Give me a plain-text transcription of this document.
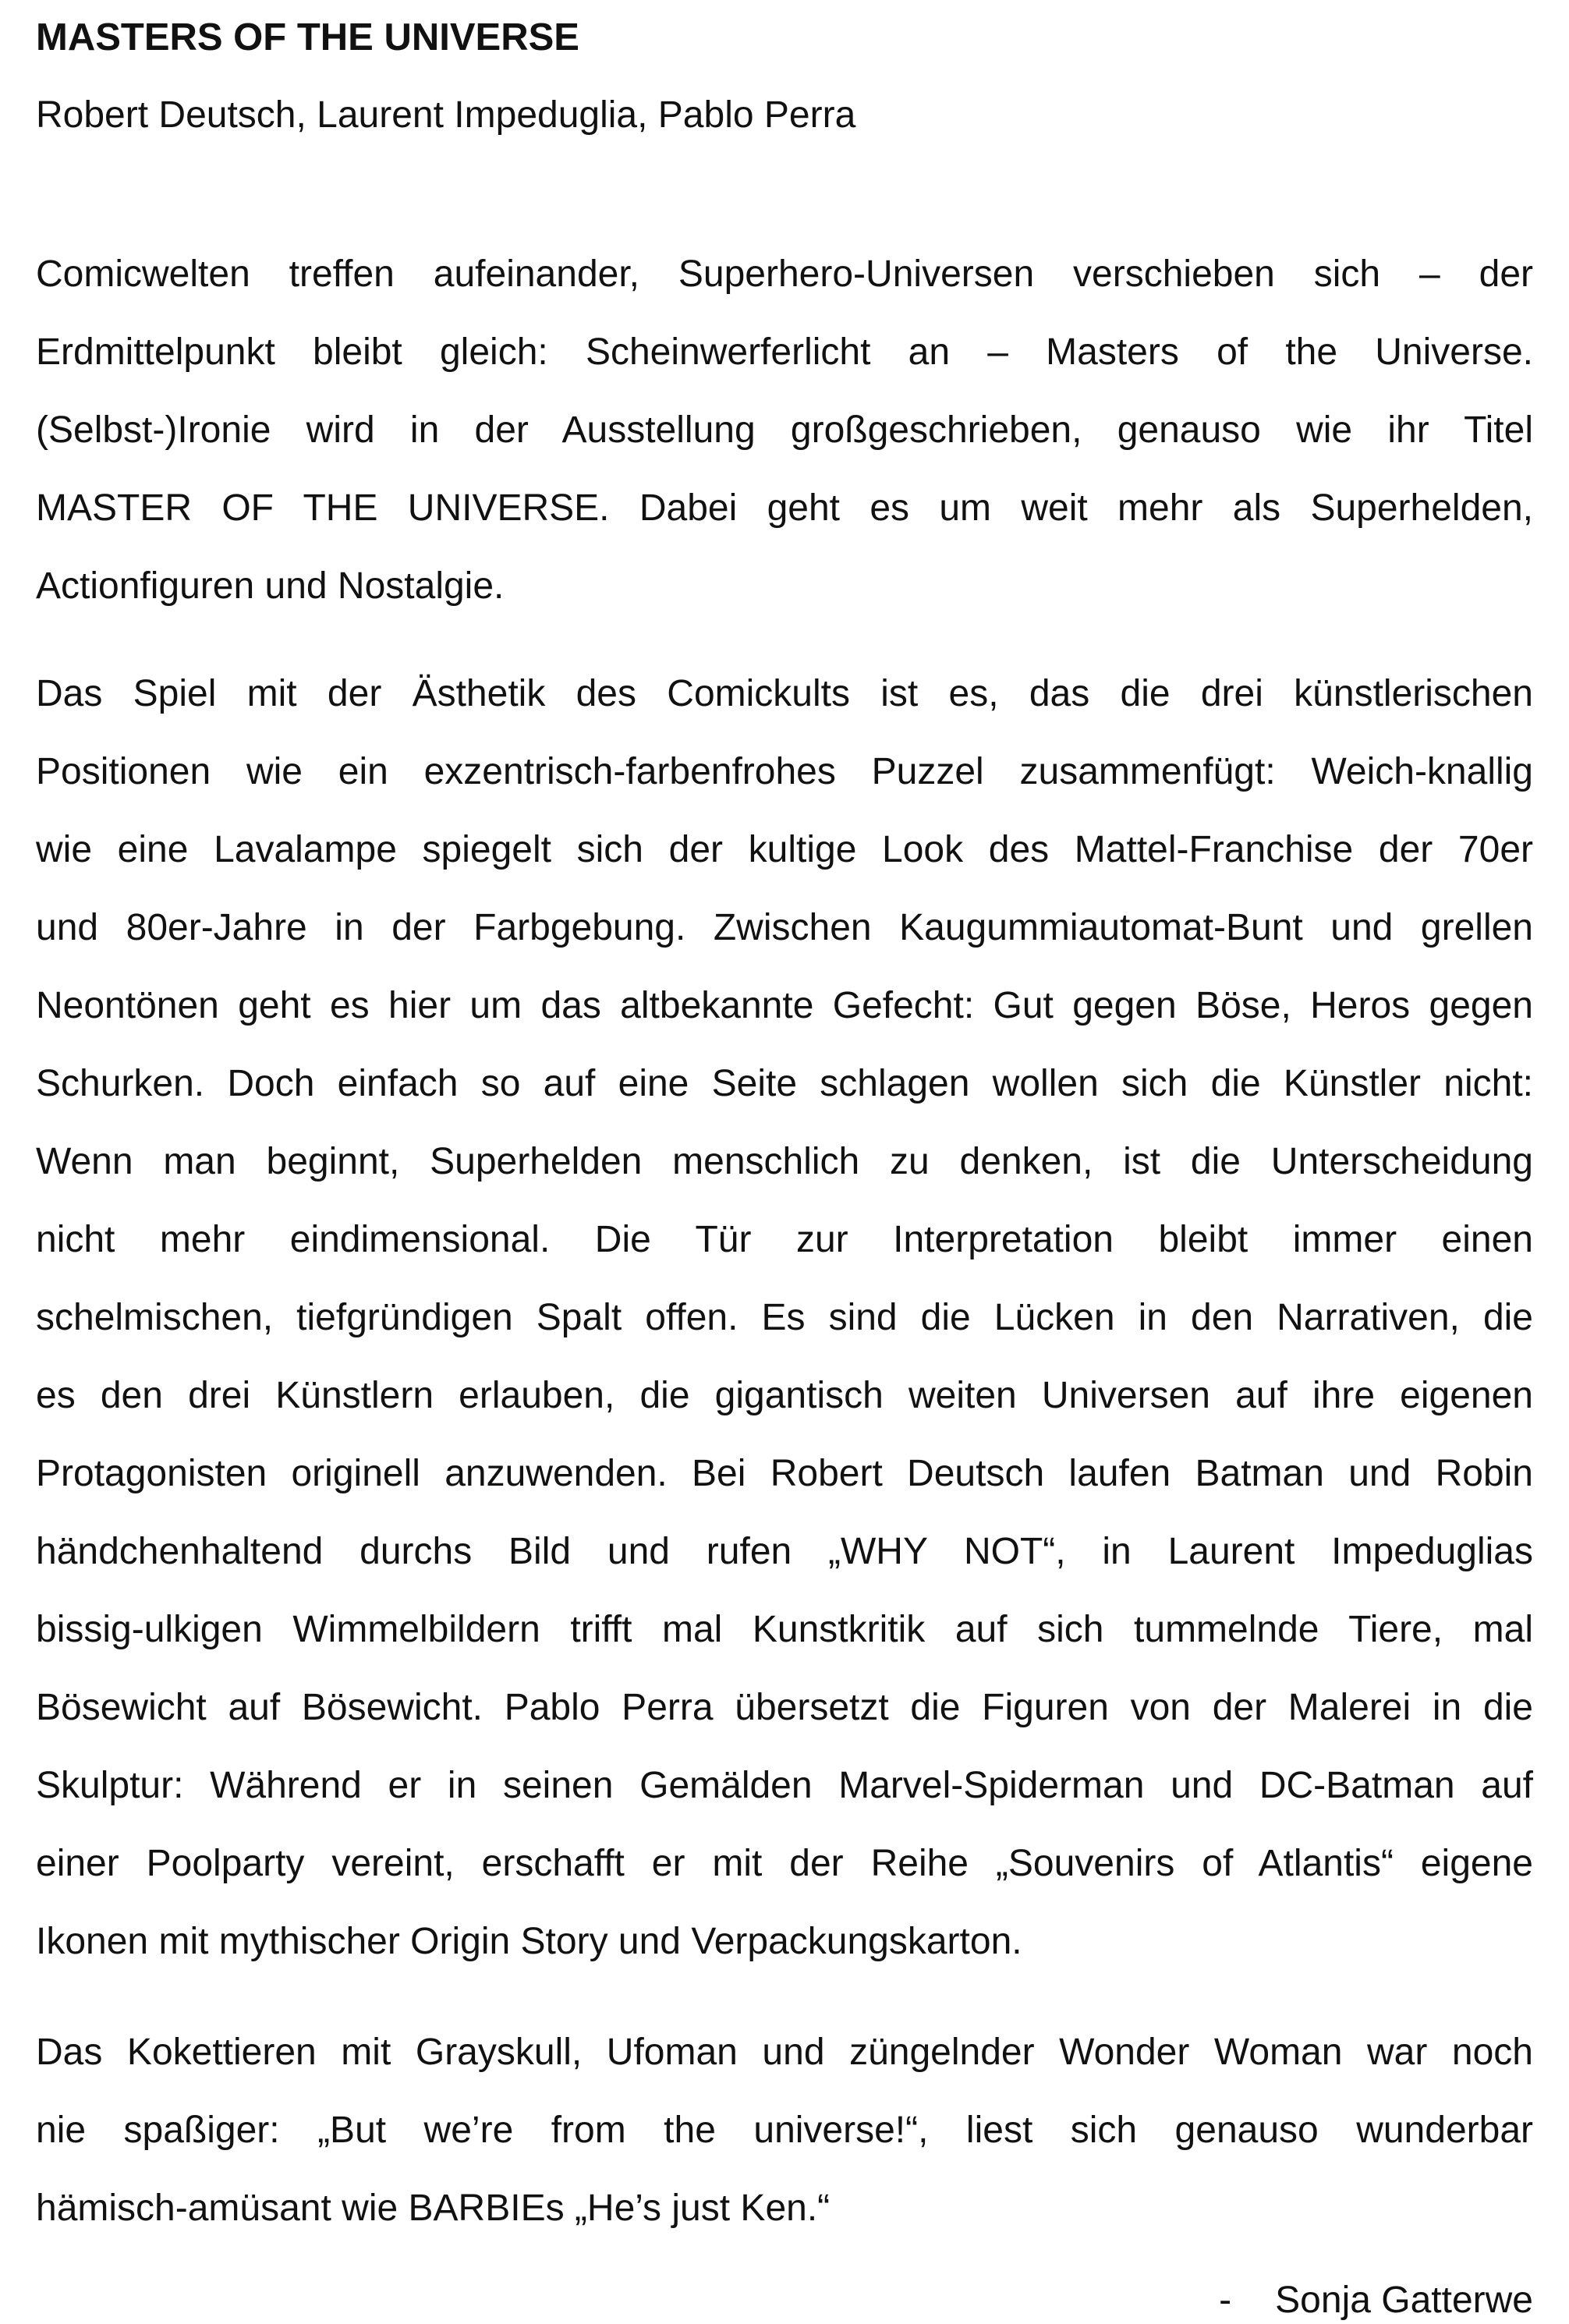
MASTERS OF THE UNIVERSE
Robert Deutsch, Laurent Impeduglia, Pablo Perra
Comicwelten treffen aufeinander, Superhero-Universen verschieben sich – der
Erdmittelpunkt bleibt gleich: Scheinwerferlicht an – Masters of the Universe.
(Selbst-)Ironie wird in der Ausstellung großgeschrieben, genauso wie ihr Titel
MASTER OF THE UNIVERSE. Dabei geht es um weit mehr als Superhelden,
Actionfiguren und Nostalgie.
Das Spiel mit der Ästhetik des Comickults ist es, das die drei künstlerischen
Positionen wie ein exzentrisch-farbenfrohes Puzzel zusammenfügt: Weich-knallig
wie eine Lavalampe spiegelt sich der kultige Look des Mattel-Franchise der 70er
und 80er-Jahre in der Farbgebung. Zwischen Kaugummiautomat-Bunt und grellen
Neontönen geht es hier um das altbekannte Gefecht: Gut gegen Böse, Heros gegen
Schurken. Doch einfach so auf eine Seite schlagen wollen sich die Künstler nicht:
Wenn man beginnt, Superhelden menschlich zu denken, ist die Unterscheidung
nicht mehr eindimensional. Die Tür zur Interpretation bleibt immer einen
schelmischen, tiefgründigen Spalt offen. Es sind die Lücken in den Narrativen, die
es den drei Künstlern erlauben, die gigantisch weiten Universen auf ihre eigenen
Protagonisten originell anzuwenden. Bei Robert Deutsch laufen Batman und Robin
händchenhaltend durchs Bild und rufen „WHY NOT“, in Laurent Impeduglias
bissig-ulkigen Wimmelbildern trifft mal Kunstkritik auf sich tummelnde Tiere, mal
Bösewicht auf Bösewicht. Pablo Perra übersetzt die Figuren von der Malerei in die
Skulptur: Während er in seinen Gemälden Marvel-Spiderman und DC-Batman auf
einer Poolparty vereint, erschafft er mit der Reihe „Souvenirs of Atlantis“ eigene
Ikonen mit mythischer Origin Story und Verpackungskarton.
Das Kokettieren mit Grayskull, Ufoman und züngelnder Wonder Woman war noch
nie spaßiger: „But we’re from the universe!“, liest sich genauso wunderbar
hämisch-amüsant wie BARBIEs „He’s just Ken.“
- Sonja Gatterwe
